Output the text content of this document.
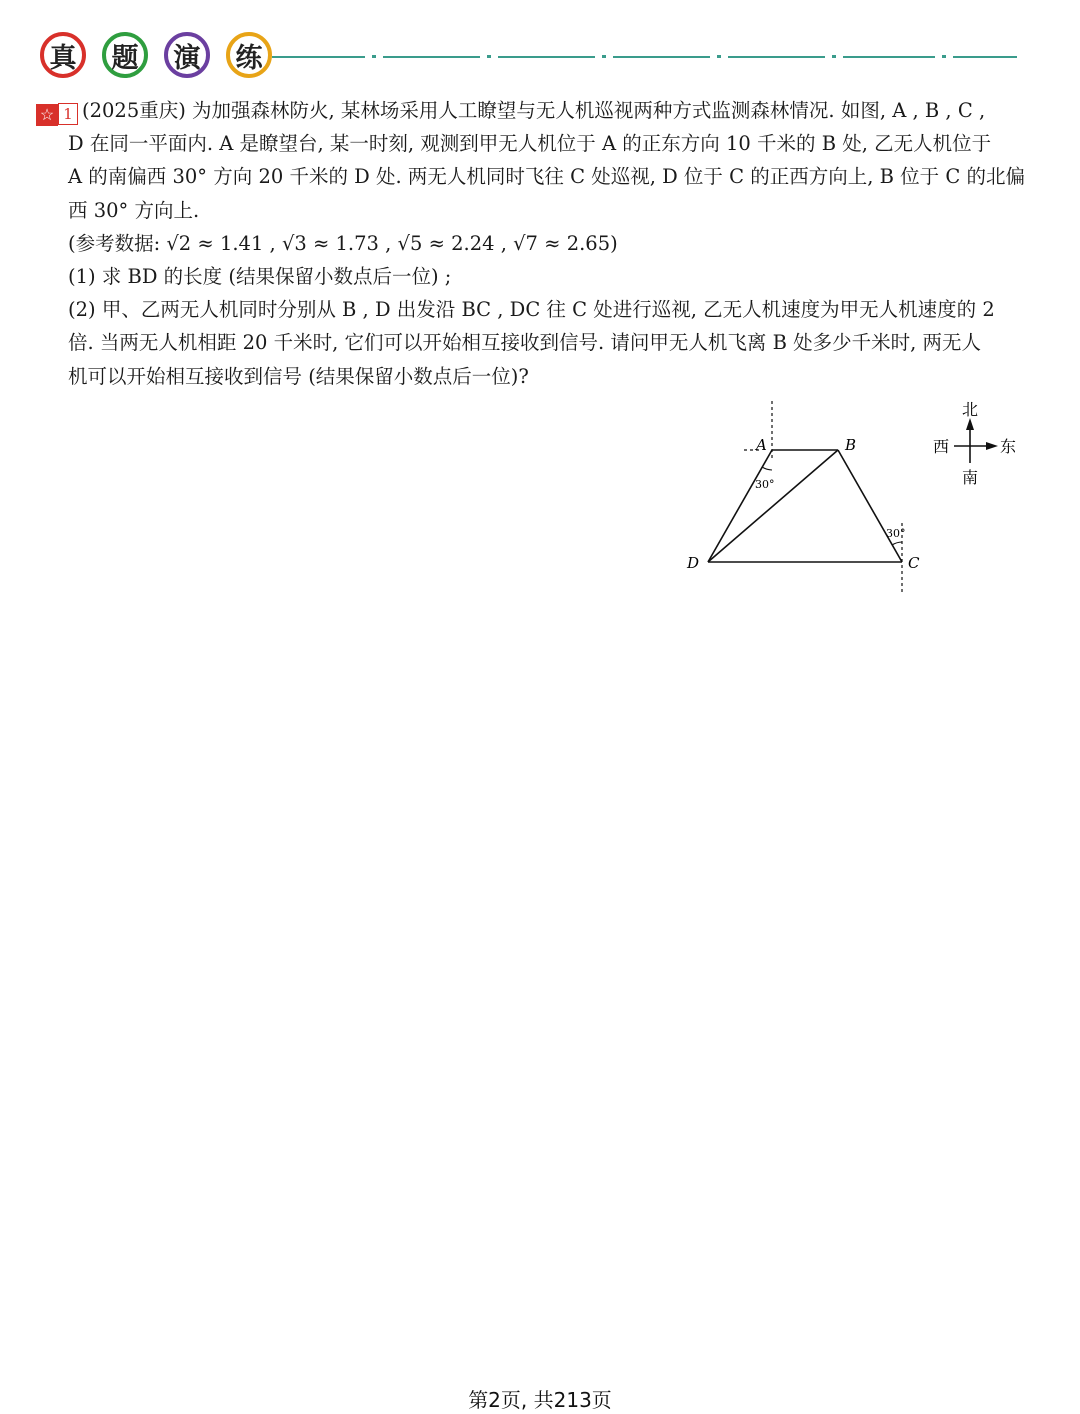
真 题 演 练
☆ 1 (2025重庆) 为加强森林防火, 某林场采用人工瞭望与无人机巡视两种方式监测森林情况. 如图, A , B , C ,
D 在同一平面内. A 是瞭望台, 某一时刻, 观测到甲无人机位于 A 的正东方向 10 千米的 B 处, 乙无人机位于
A 的南偏西 30° 方向 20 千米的 D 处. 两无人机同时飞往 C 处巡视, D 位于 C 的正西方向上, B 位于 C 的北偏
西 30° 方向上.
(参考数据: √2 ≈ 1.41 , √3 ≈ 1.73 , √5 ≈ 2.24 , √7 ≈ 2.65)
(1) 求 BD 的长度 (结果保留小数点后一位) ;
(2) 甲、乙两无人机同时分别从 B , D 出发沿 BC , DC 往 C 处进行巡视, 乙无人机速度为甲无人机速度的 2
倍. 当两无人机相距 20 千米时, 它们可以开始相互接收到信号. 请问甲无人机飞离 B 处多少千米时, 两无人
机可以开始相互接收到信号 (结果保留小数点后一位)?
A	B
C
D
30°
30°
北
南
西	东
第2页, 共213页
